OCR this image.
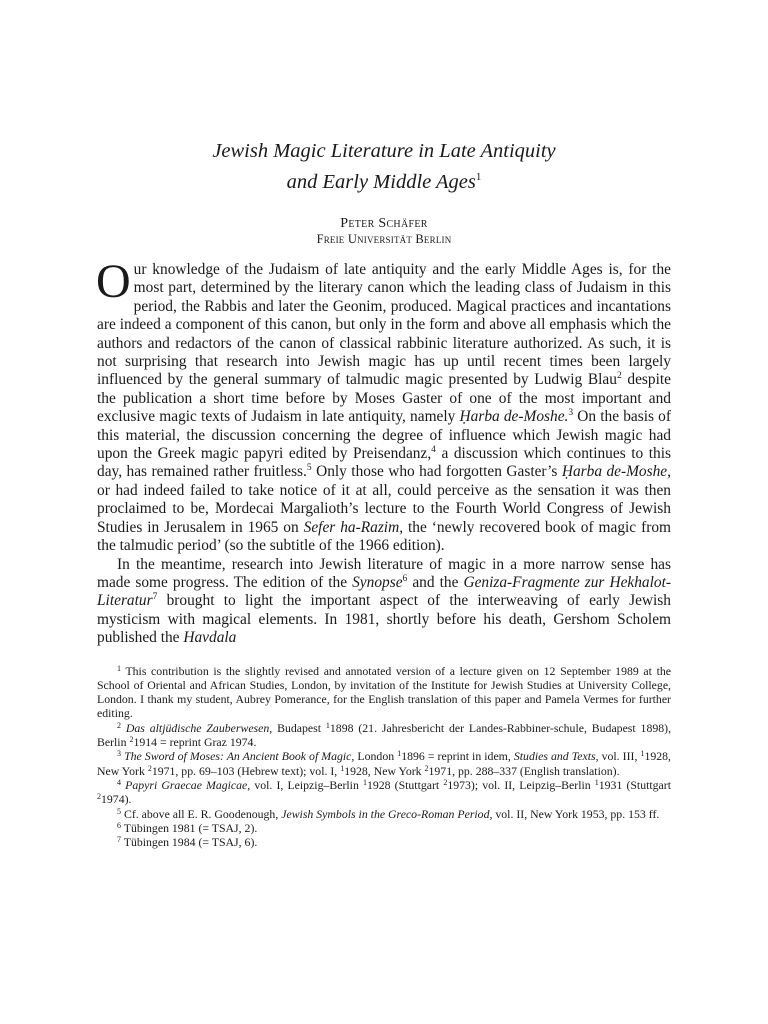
Jewish Magic Literature in Late Antiquity
and Early Middle Ages$^1$
Peter Schäfer
Freie Universität Berlin

Our knowledge of the Judaism of late antiquity and the early Middle Ages is, for the most part, determined by the literary canon which the leading class of Judaism in this period, the Rabbis and later the Geonim, produced. Magical practices and incantations are indeed a component of this canon, but only in the form and above all emphasis which the authors and redactors of the canon of classical rabbinic literature authorized. As such, it is not surprising that research into Jewish magic has up until recent times been largely influenced by the general summary of talmudic magic presented by Ludwig Blau$^2$ despite the publication a short time before by Moses Gaster of one of the most important and exclusive magic texts of Judaism in late antiquity, namely Ḥarba de-Moshe.$^3$ On the basis of this material, the discussion concerning the degree of influence which Jewish magic had upon the Greek magic papyri edited by Preisendanz,$^4$ a discussion which continues to this day, has remained rather fruitless.$^5$ Only those who had forgotten Gaster’s Ḥarba de-Moshe, or had indeed failed to take notice of it at all, could perceive as the sensation it was then proclaimed to be, Mordecai Margalioth’s lecture to the Fourth World Congress of Jewish Studies in Jerusalem in 1965 on Sefer ha-Razim, the ‘newly recovered book of magic from the talmudic period’ (so the subtitle of the 1966 edition).

In the meantime, research into Jewish literature of magic in a more narrow sense has made some progress. The edition of the Synopse$^6$ and the Geniza-Fragmente zur Hekhalot-Literatur$^7$ brought to light the important aspect of the interweaving of early Jewish mysticism with magical elements. In 1981, shortly before his death, Gershom Scholem published the Havdala

$^1$ This contribution is the slightly revised and annotated version of a lecture given on 12 September 1989 at the School of Oriental and African Studies, London, by invitation of the Institute for Jewish Studies at University College, London. I thank my student, Aubrey Pomerance, for the English translation of this paper and Pamela Vermes for further editing.

$^2$ Das altjüdische Zauberwesen, Budapest $^1$1898 (21. Jahresbericht der Landes-Rabbiner-schule, Budapest 1898), Berlin $^2$1914 = reprint Graz 1974.

$^3$ The Sword of Moses: An Ancient Book of Magic, London $^1$1896 = reprint in idem, Studies and Texts, vol. III, $^1$1928, New York $^2$1971, pp. 69–103 (Hebrew text); vol. I, $^1$1928, New York $^2$1971, pp. 288–337 (English translation).

$^4$ Papyri Graecae Magicae, vol. I, Leipzig–Berlin $^1$1928 (Stuttgart $^2$1973); vol. II, Leipzig–Berlin $^1$1931 (Stuttgart $^2$1974).

$^5$ Cf. above all E. R. Goodenough, Jewish Symbols in the Greco-Roman Period, vol. II, New York 1953, pp. 153 ff.

$^6$ Tübingen 1981 (= TSAJ, 2).

$^7$ Tübingen 1984 (= TSAJ, 6).
